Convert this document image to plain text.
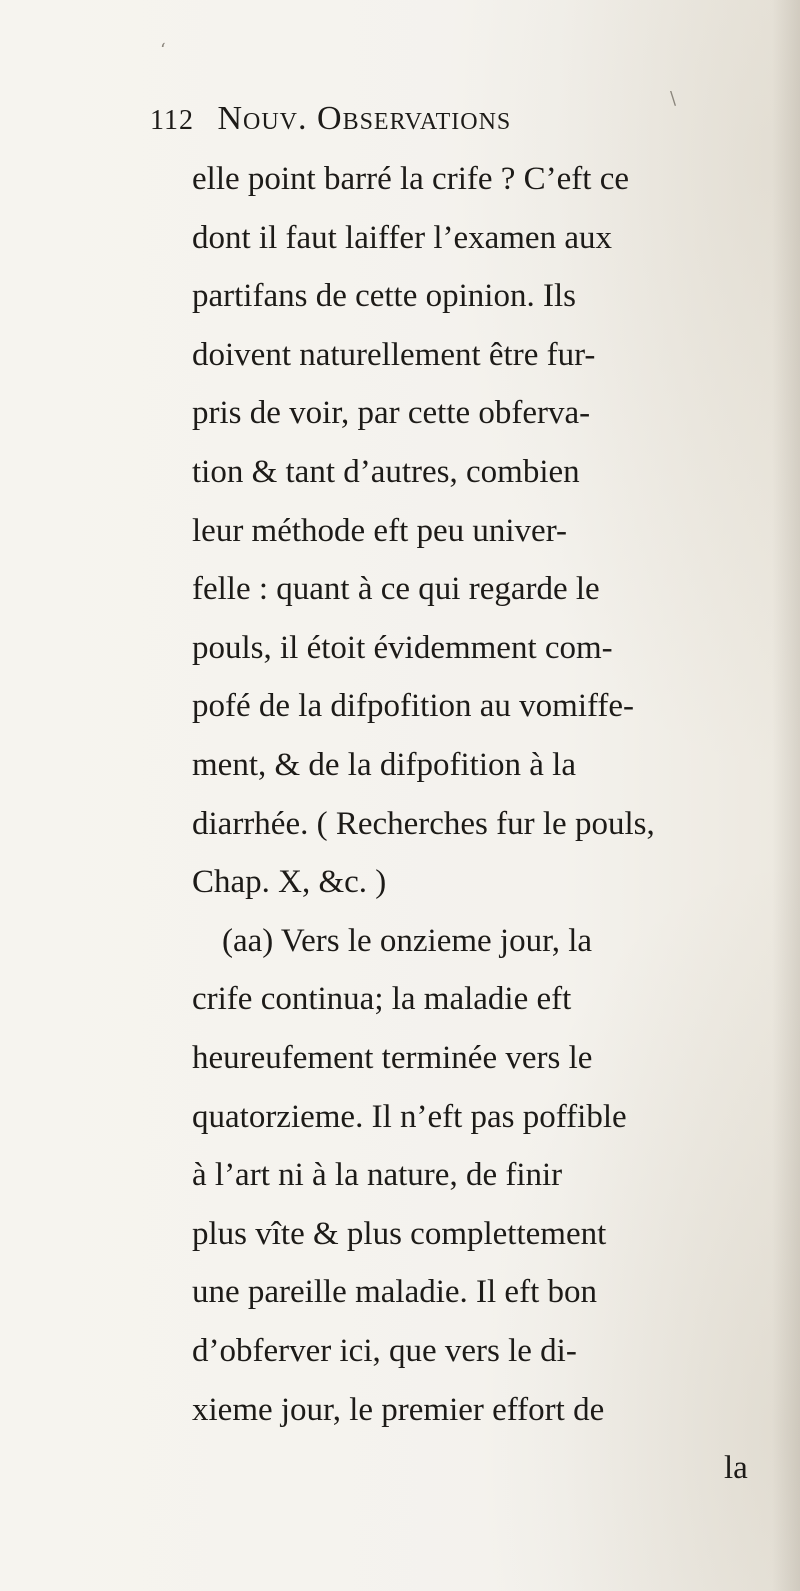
‘
\
112 Nouv. Observations
elle point barré la crife ? C’eft ce
dont il faut laiffer l’examen aux
partifans de cette opinion. Ils
doivent naturellement être fur-
pris de voir, par cette obferva-
tion & tant d’autres, combien
leur méthode eft peu univer-
felle : quant à ce qui regarde le
pouls, il étoit évidemment com-
pofé de la difpofition au vomiffe-
ment, & de la difpofition à la
diarrhée. ( Recherches fur le pouls,
Chap. X, &c. )
(aa) Vers le onzieme jour, la
crife continua; la maladie eft
heureufement terminée vers le
quatorzieme. Il n’eft pas poffible
à l’art ni à la nature, de finir
plus vîte & plus complettement
une pareille maladie. Il eft bon
d’obferver ici, que vers le di-
xieme jour, le premier effort de
la
